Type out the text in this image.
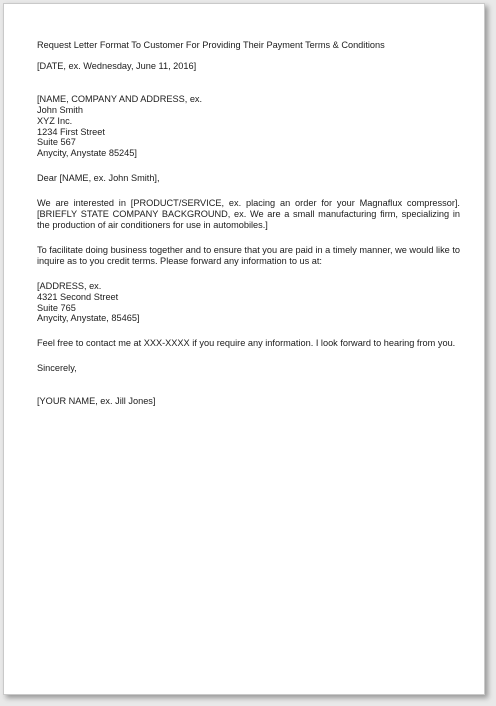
Request Letter Format To Customer For Providing Their Payment Terms & Conditions
[DATE, ex. Wednesday, June 11, 2016]
[NAME, COMPANY AND ADDRESS, ex.
John Smith
XYZ Inc.
1234 First Street
Suite 567
Anycity, Anystate 85245]
Dear [NAME, ex. John Smith],
We are interested in [PRODUCT/SERVICE, ex. placing an order for your Magnaflux compressor]. [BRIEFLY STATE COMPANY BACKGROUND, ex. We are a small manufacturing firm, specializing in the production of air conditioners for use in automobiles.]
To facilitate doing business together and to ensure that you are paid in a timely manner, we would like to inquire as to you credit terms. Please forward any information to us at:
[ADDRESS, ex.
4321 Second Street
Suite 765
Anycity, Anystate, 85465]
Feel free to contact me at XXX-XXXX if you require any information. I look forward to hearing from you.
Sincerely,
[YOUR NAME, ex. Jill Jones]
